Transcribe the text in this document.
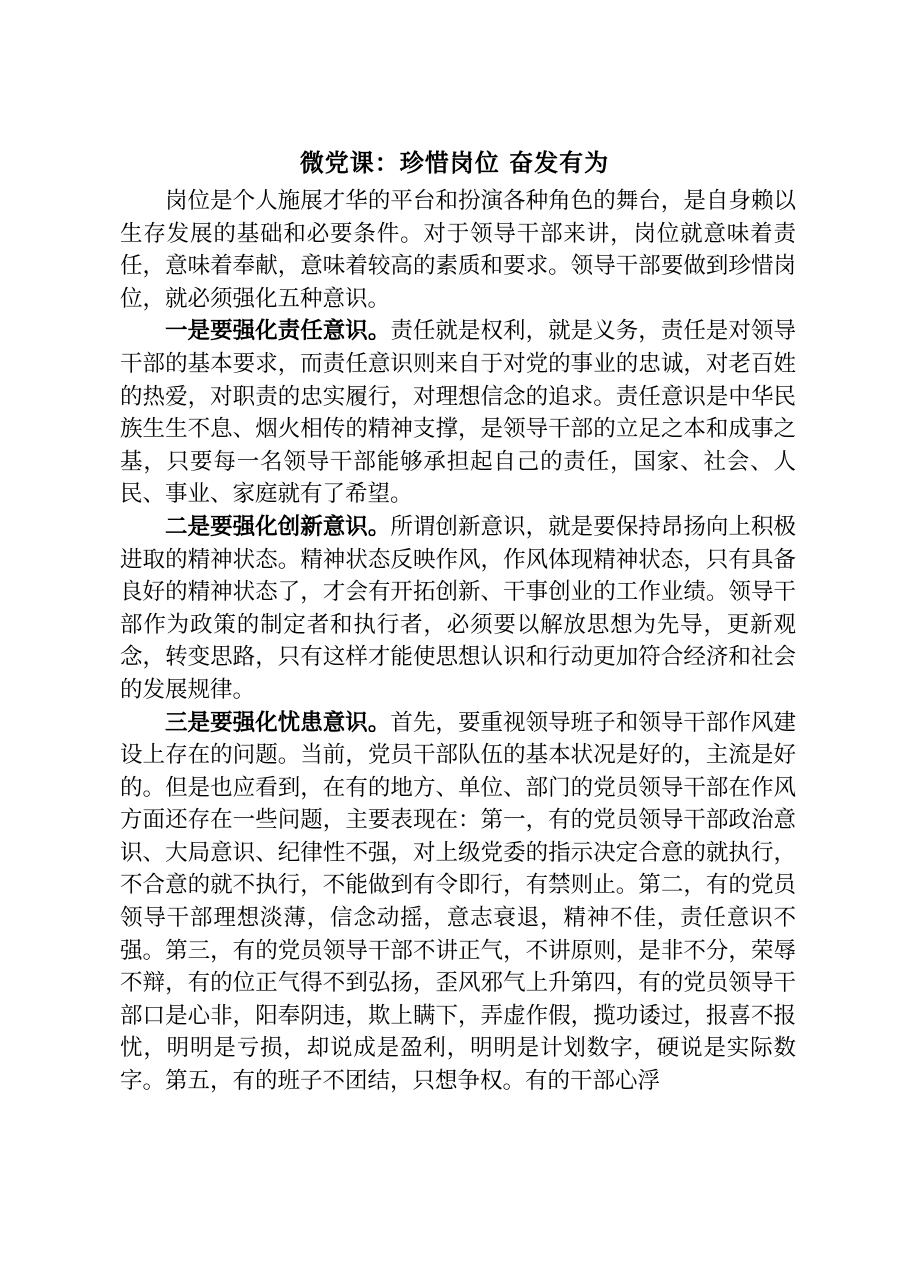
微党课：珍惜岗位 奋发有为

岗位是个人施展才华的平台和扮演各种角色的舞台，是自身赖以生存发展的基础和必要条件。对于领导干部来讲，岗位就意味着责任，意味着奉献，意味着较高的素质和要求。领导干部要做到珍惜岗位，就必须强化五种意识。

一是要强化责任意识。责任就是权利，就是义务，责任是对领导干部的基本要求，而责任意识则来自于对党的事业的忠诚，对老百姓的热爱，对职责的忠实履行，对理想信念的追求。责任意识是中华民族生生不息、烟火相传的精神支撑，是领导干部的立足之本和成事之基，只要每一名领导干部能够承担起自己的责任，国家、社会、人民、事业、家庭就有了希望。

二是要强化创新意识。所谓创新意识，就是要保持昂扬向上积极进取的精神状态。精神状态反映作风，作风体现精神状态，只有具备良好的精神状态了，才会有开拓创新、干事创业的工作业绩。领导干部作为政策的制定者和执行者，必须要以解放思想为先导，更新观念，转变思路，只有这样才能使思想认识和行动更加符合经济和社会的发展规律。

三是要强化忧患意识。首先，要重视领导班子和领导干部作风建设上存在的问题。当前，党员干部队伍的基本状况是好的，主流是好的。但是也应看到，在有的地方、单位、部门的党员领导干部在作风方面还存在一些问题，主要表现在：第一，有的党员领导干部政治意识、大局意识、纪律性不强，对上级党委的指示决定合意的就执行，不合意的就不执行，不能做到有令即行，有禁则止。第二，有的党员领导干部理想淡薄，信念动摇，意志衰退，精神不佳，责任意识不强。第三，有的党员领导干部不讲正气，不讲原则，是非不分，荣辱不辩，有的位正气得不到弘扬，歪风邪气上升第四，有的党员领导干部口是心非，阳奉阴违，欺上瞒下，弄虚作假，揽功诿过，报喜不报忧，明明是亏损，却说成是盈利，明明是计划数字，硬说是实际数字。第五，有的班子不团结，只想争权。有的干部心浮
